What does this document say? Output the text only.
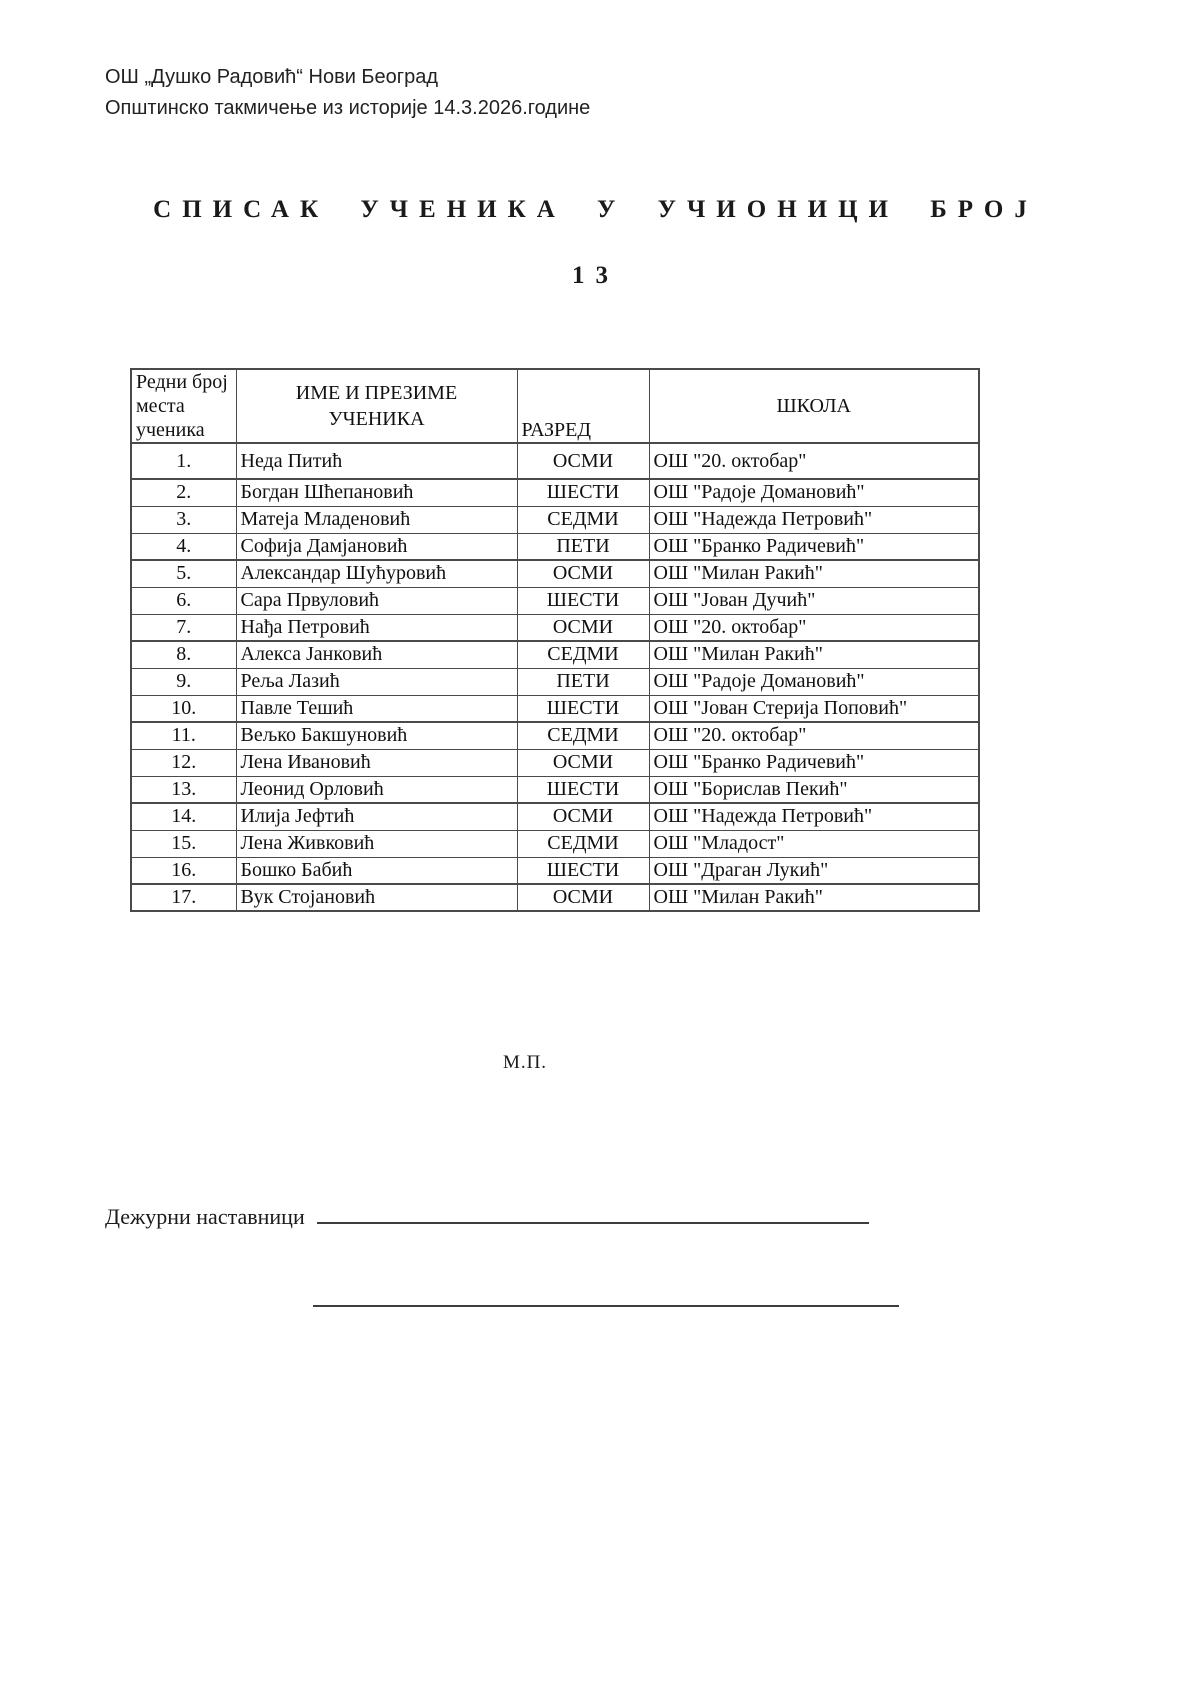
ОШ „Душко Радовић“ Нови Београд
Општинско такмичење из историје 14.3.2026.године
СПИСАК УЧЕНИКА У УЧИОНИЦИ БРОЈ
13
Редни број места ученика	ИМЕ И ПРЕЗИМЕ УЧЕНИКА	РАЗРЕД	ШКОЛА
1.	Неда Питић	ОСМИ	ОШ "20. октобар"
2.	Богдан Шћепановић	ШЕСТИ	ОШ "Радоје Домановић"
3.	Матеја Младеновић	СЕДМИ	ОШ "Надежда Петровић"
4.	Софија Дамјановић	ПЕТИ	ОШ "Бранко Радичевић"
5.	Александар Шућуровић	ОСМИ	ОШ "Милан Ракић"
6.	Сара Првуловић	ШЕСТИ	ОШ "Јован Дучић"
7.	Нађа Петровић	ОСМИ	ОШ "20. октобар"
8.	Алекса Јанковић	СЕДМИ	ОШ "Милан Ракић"
9.	Реља Лазић	ПЕТИ	ОШ "Радоје Домановић"
10.	Павле Тешић	ШЕСТИ	ОШ "Јован Стерија Поповић"
11.	Вељко Бакшуновић	СЕДМИ	ОШ "20. октобар"
12.	Лена Ивановић	ОСМИ	ОШ "Бранко Радичевић"
13.	Леонид Орловић	ШЕСТИ	ОШ "Борислав Пекић"
14.	Илија Јефтић	ОСМИ	ОШ "Надежда Петровић"
15.	Лена Живковић	СЕДМИ	ОШ "Младост"
16.	Бошко Бабић	ШЕСТИ	ОШ "Драган Лукић"
17.	Вук Стојановић	ОСМИ	ОШ "Милан Ракић"
М.П.
Дежурни наставници
